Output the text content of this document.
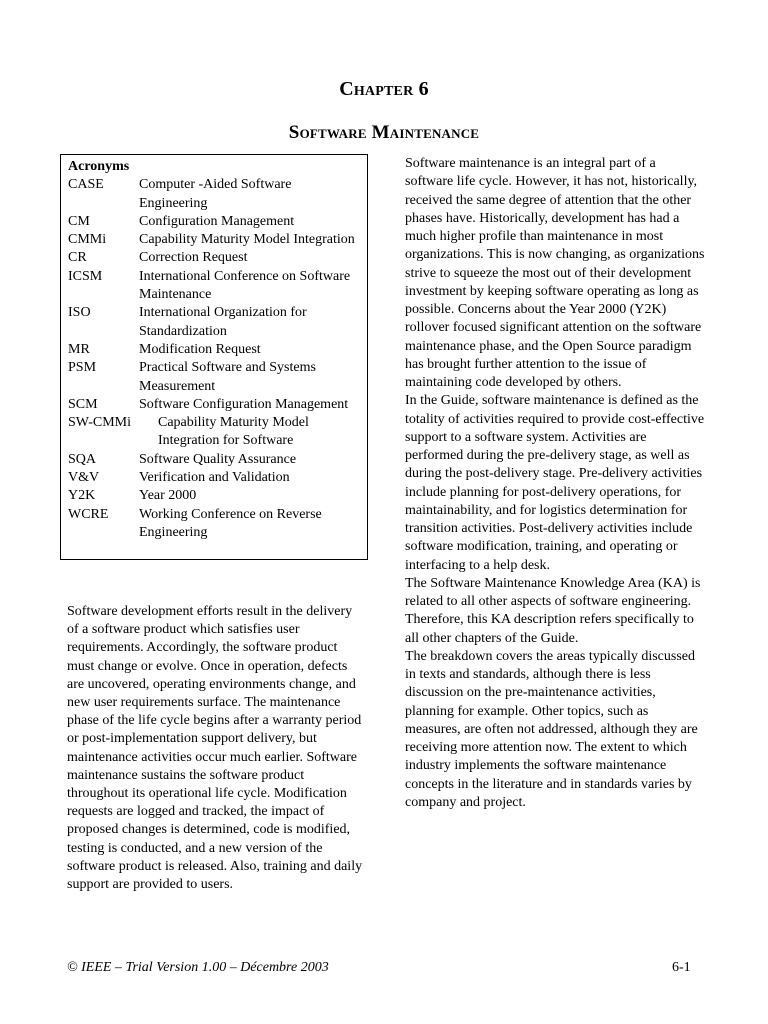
Chapter 6
Software Maintenance
Acronyms
CASE	Computer -Aided Software Engineering
CM	Configuration Management
CMMi	Capability Maturity Model Integration
CR	Correction Request
ICSM	International Conference on Software Maintenance
ISO	International Organization for Standardization
MR	Modification Request
PSM	Practical Software and Systems Measurement
SCM	Software Configuration Management
SW-CMMi	Capability Maturity Model Integration for Software
SQA	Software Quality Assurance
V&V	Verification and Validation
Y2K	Year 2000
WCRE	Working Conference on Reverse Engineering
Software development efforts result in the delivery of a software product which satisfies user requirements. Accordingly, the software product must change or evolve. Once in operation, defects are uncovered, operating environments change, and new user requirements surface. The maintenance phase of the life cycle begins after a warranty period or post-implementation support delivery, but maintenance activities occur much earlier. Software maintenance sustains the software product throughout its operational life cycle. Modification requests are logged and tracked, the impact of proposed changes is determined, code is modified, testing is conducted, and a new version of the software product is released. Also, training and daily support are provided to users.

Software maintenance is an integral part of a software life cycle. However, it has not, historically, received the same degree of attention that the other phases have. Historically, development has had a much higher profile than maintenance in most organizations. This is now changing, as organizations strive to squeeze the most out of their development investment by keeping software operating as long as possible. Concerns about the Year 2000 (Y2K) rollover focused significant attention on the software maintenance phase, and the Open Source paradigm has brought further attention to the issue of maintaining code developed by others.

In the Guide, software maintenance is defined as the totality of activities required to provide cost-effective support to a software system. Activities are performed during the pre-delivery stage, as well as during the post-delivery stage. Pre-delivery activities include planning for post-delivery operations, for maintainability, and for logistics determination for transition activities. Post-delivery activities include software modification, training, and operating or interfacing to a help desk.

The Software Maintenance Knowledge Area (KA) is related to all other aspects of software engineering. Therefore, this KA description refers specifically to all other chapters of the Guide.

The breakdown covers the areas typically discussed in texts and standards, although there is less discussion on the pre-maintenance activities, planning for example. Other topics, such as measures, are often not addressed, although they are receiving more attention now. The extent to which industry implements the software maintenance concepts in the literature and in standards varies by company and project.

© IEEE – Trial Version 1.00 – Décembre 2003	6-1
